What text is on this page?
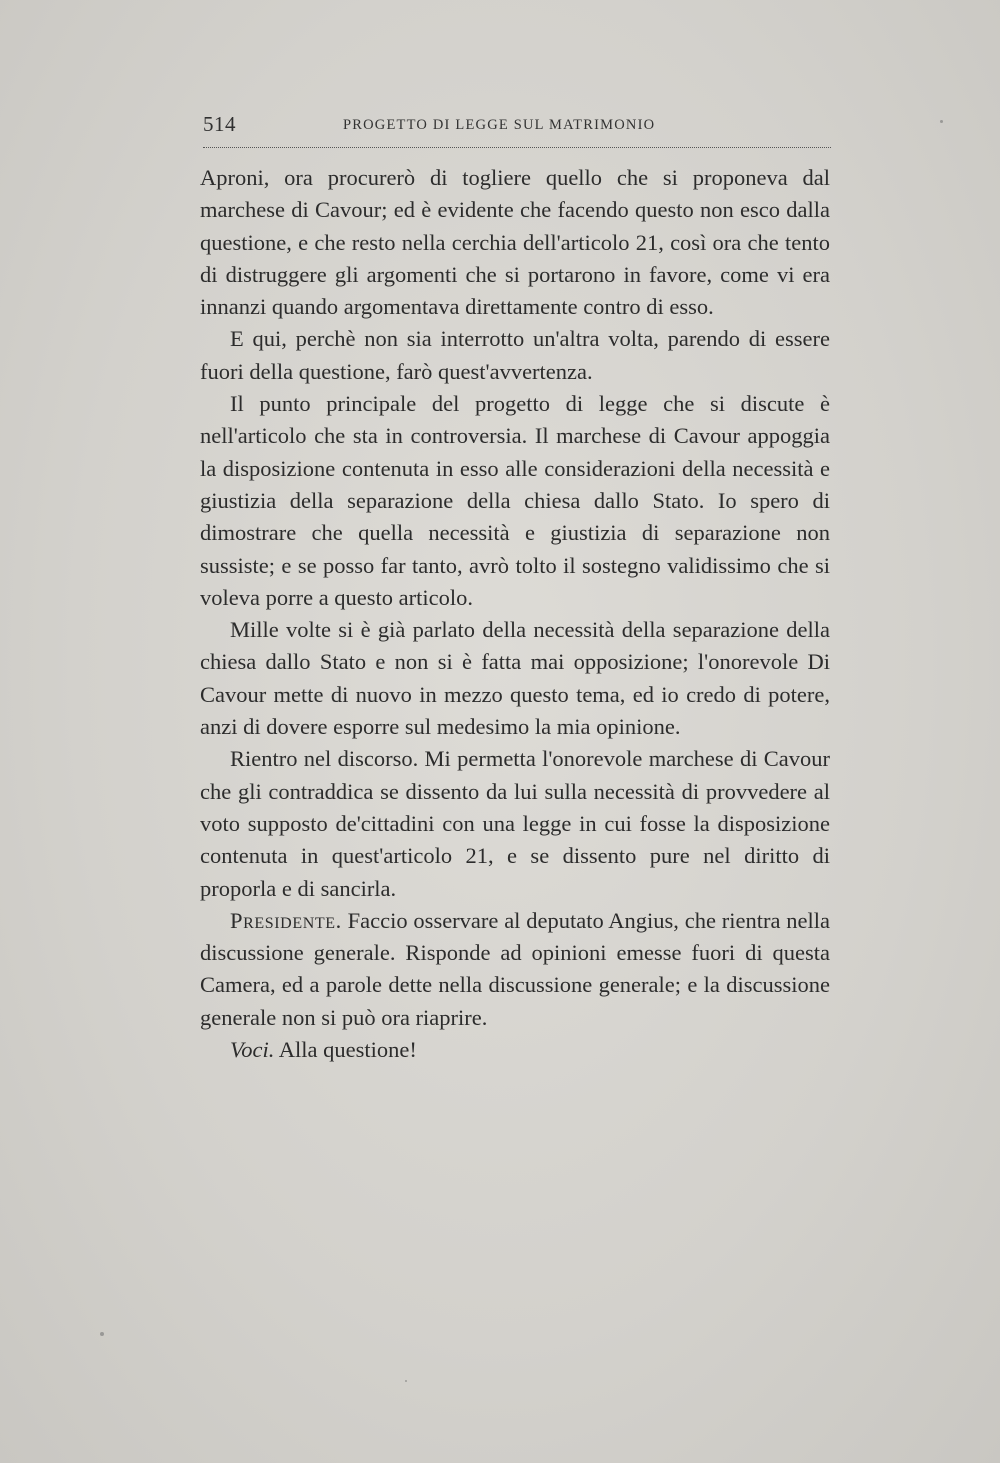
514	PROGETTO DI LEGGE SUL MATRIMONIO

Aproni, ora procurerò di togliere quello che si proponeva dal marchese di Cavour; ed è evidente che facendo questo non esco dalla questione, e che resto nella cerchia dell'articolo 21, così ora che tento di distruggere gli argomenti che si portarono in favore, come vi era innanzi quando argomentava direttamente contro di esso.

E qui, perchè non sia interrotto un'altra volta, parendo di essere fuori della questione, farò quest'avvertenza.

Il punto principale del progetto di legge che si discute è nell'articolo che sta in controversia. Il marchese di Cavour appoggia la disposizione contenuta in esso alle considerazioni della necessità e giustizia della separazione della chiesa dallo Stato. Io spero di dimostrare che quella necessità e giustizia di separazione non sussiste; e se posso far tanto, avrò tolto il sostegno validissimo che si voleva porre a questo articolo.

Mille volte si è già parlato della necessità della separazione della chiesa dallo Stato e non si è fatta mai opposizione; l'onorevole Di Cavour mette di nuovo in mezzo questo tema, ed io credo di potere, anzi di dovere esporre sul medesimo la mia opinione.

Rientro nel discorso. Mi permetta l'onorevole marchese di Cavour che gli contraddica se dissento da lui sulla necessità di provvedere al voto supposto de'cittadini con una legge in cui fosse la disposizione contenuta in quest'articolo 21, e se dissento pure nel diritto di proporla e di sancirla.

Presidente. Faccio osservare al deputato Angius, che rientra nella discussione generale. Risponde ad opinioni emesse fuori di questa Camera, ed a parole dette nella discussione generale; e la discussione generale non si può ora riaprire.

Voci. Alla questione!
